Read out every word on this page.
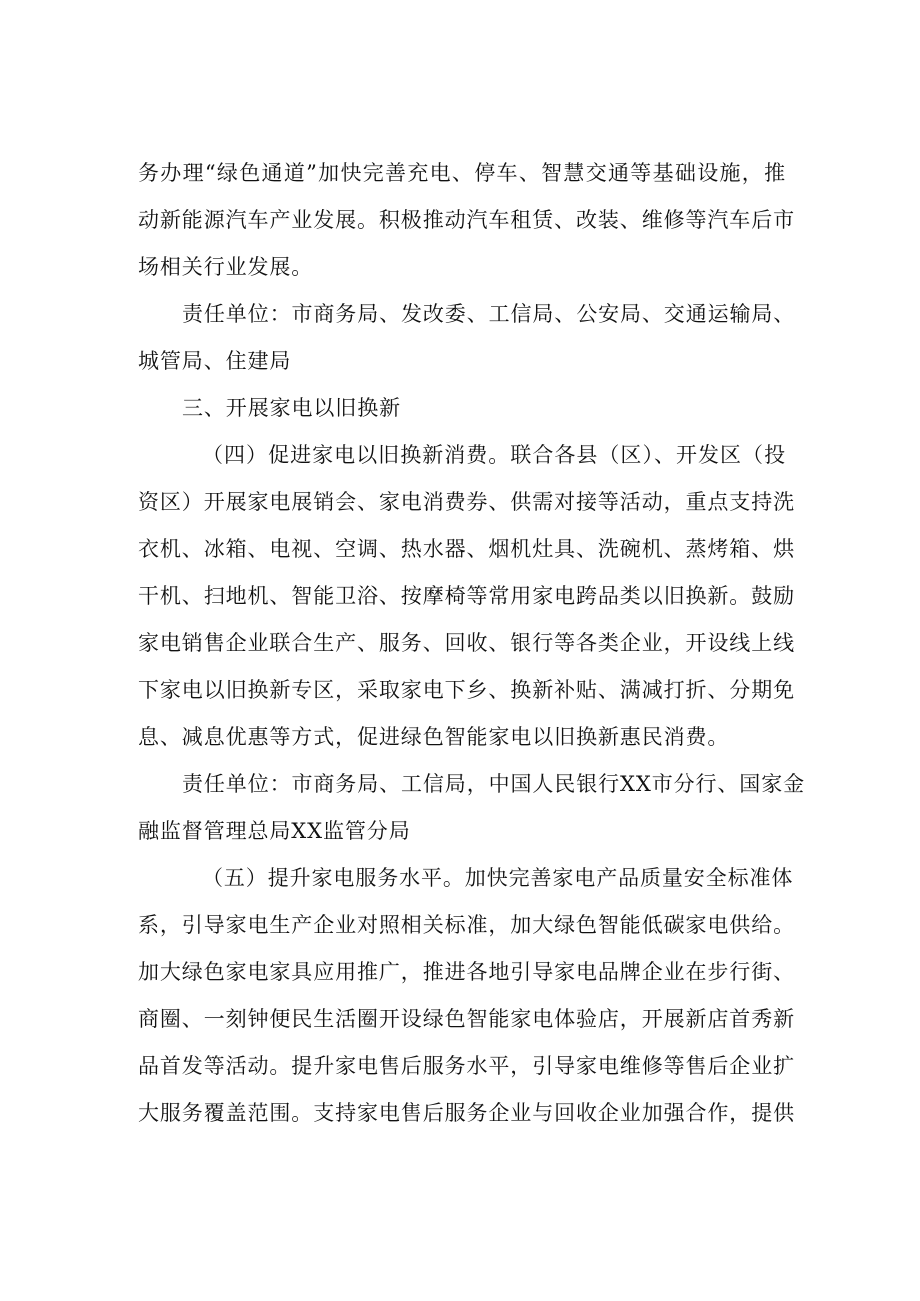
务办理“绿色通道”加快完善充电、停车、智慧交通等基础设施，推
动新能源汽车产业发展。积极推动汽车租赁、改装、维修等汽车后市
场相关行业发展。
责任单位：市商务局、发改委、工信局、公安局、交通运输局、
城管局、住建局
三、开展家电以旧换新
（四）促进家电以旧换新消费。联合各县（区）、开发区（投
资区）开展家电展销会、家电消费券、供需对接等活动，重点支持洗
衣机、冰箱、电视、空调、热水器、烟机灶具、洗碗机、蒸烤箱、烘
干机、扫地机、智能卫浴、按摩椅等常用家电跨品类以旧换新。鼓励
家电销售企业联合生产、服务、回收、银行等各类企业，开设线上线
下家电以旧换新专区，采取家电下乡、换新补贴、满减打折、分期免
息、减息优惠等方式，促进绿色智能家电以旧换新惠民消费。
责任单位：市商务局、工信局，中国人民银行XX市分行、国家金
融监督管理总局XX监管分局
（五）提升家电服务水平。加快完善家电产品质量安全标准体
系，引导家电生产企业对照相关标准，加大绿色智能低碳家电供给。
加大绿色家电家具应用推广，推进各地引导家电品牌企业在步行街、
商圈、一刻钟便民生活圈开设绿色智能家电体验店，开展新店首秀新
品首发等活动。提升家电售后服务水平，引导家电维修等售后企业扩
大服务覆盖范围。支持家电售后服务企业与回收企业加强合作，提供
